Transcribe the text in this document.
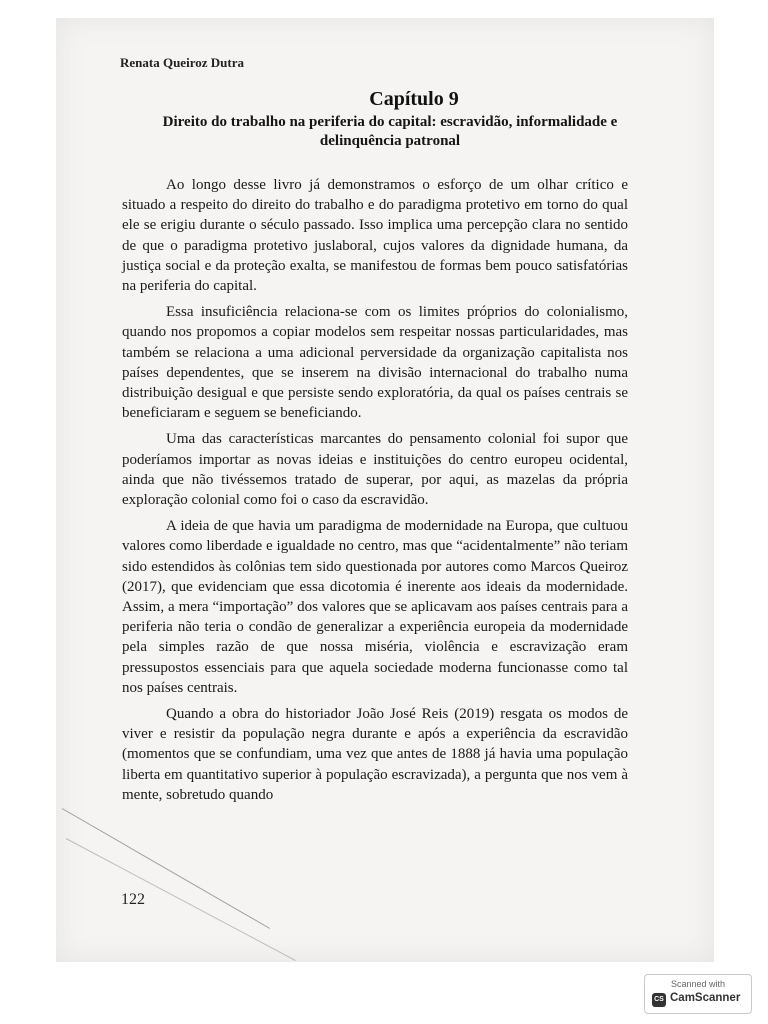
Renata Queiroz Dutra
Capítulo 9
Direito do trabalho na periferia do capital: escravidão, informalidade e delinquência patronal

Ao longo desse livro já demonstramos o esforço de um olhar crítico e situado a respeito do direito do trabalho e do paradigma protetivo em torno do qual ele se erigiu durante o século passado. Isso implica uma percepção clara no sentido de que o paradigma protetivo juslaboral, cujos valores da dignidade humana, da justiça social e da proteção exalta, se manifestou de formas bem pouco satisfatórias na periferia do capital.

Essa insuficiência relaciona-se com os limites próprios do colonialismo, quando nos propomos a copiar modelos sem respeitar nossas particularidades, mas também se relaciona a uma adicional perversidade da organização capitalista nos países dependentes, que se inserem na divisão internacional do trabalho numa distribuição desigual e que persiste sendo exploratória, da qual os países centrais se beneficiaram e seguem se beneficiando.

Uma das características marcantes do pensamento colonial foi supor que poderíamos importar as novas ideias e instituições do centro europeu ocidental, ainda que não tivéssemos tratado de superar, por aqui, as mazelas da própria exploração colonial como foi o caso da escravidão.

A ideia de que havia um paradigma de modernidade na Europa, que cultuou valores como liberdade e igualdade no centro, mas que “acidentalmente” não teriam sido estendidos às colônias tem sido questionada por autores como Marcos Queiroz (2017), que evidenciam que essa dicotomia é inerente aos ideais da modernidade. Assim, a mera “importação” dos valores que se aplicavam aos países centrais para a periferia não teria o condão de generalizar a experiência europeia da modernidade pela simples razão de que nossa miséria, violência e escravização eram pressupostos essenciais para que aquela sociedade moderna funcionasse como tal nos países centrais.

Quando a obra do historiador João José Reis (2019) resgata os modos de viver e resistir da população negra durante e após a experiência da escravidão (momentos que se confundiam, uma vez que antes de 1888 já havia uma população liberta em quantitativo superior à população escravizada), a pergunta que nos vem à mente, sobretudo quando

122
Scanned with
CS CamScanner
